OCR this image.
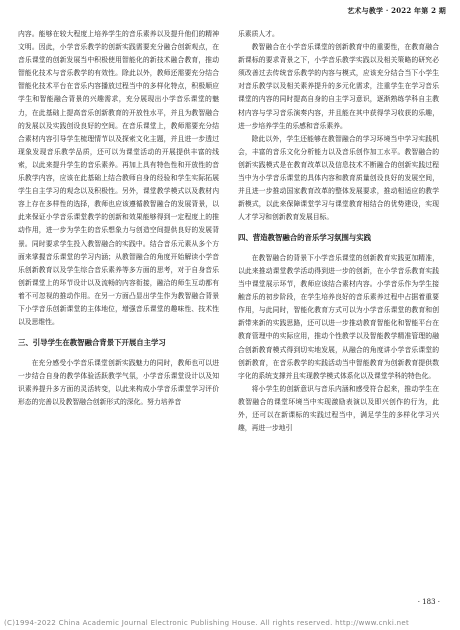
艺术与教学 · 2022 年第 2 期

内容。能够在较大程度上培养学生的音乐素养以及提升他们的精神文明。因此，小学音乐教学的创新实践需要充分融合创新观点，在音乐课堂的创新发展当中积极使用智能化的新技术融合教育，推动智能化技术与音乐教学的有效性。除此以外，教师还需要充分结合智能化技术平台在音乐内容播放过程当中的多样化特点，积极顺应学生和智能融合背景的兴趣需求，充分展现出小学音乐课堂的魅力，在此基础上提高音乐创新教育的开放性水平，并且为教智融合的发展以及实践创设良好的空间。在音乐课堂上，教师需要充分结合素材内容引导学生梳理情节以及探索文化主题，并且进一步透过现象发现音乐教学品质，还可以为课堂活动的开展提供丰富的线索，以此来提升学生的音乐素养。再加上具有特色性和开放性的音乐教学内容，应该在此基础上结合教师自身的经验和学生实际拓展学生自主学习的观念以及积极性。另外，课堂教学模式以及教材内容上存在多样性的选择，教师也应该遵循教智融合的发展背景，以此来保证小学音乐课堂教学的创新和效果能够得到一定程度上的推动作用，进一步为学生的音乐想象力与创造空间提供良好的发展背景。同时要求学生投入教智融合的实践中。结合音乐元素从多个方面来掌握音乐课堂的学习内涵；从教智融合的角度开始解读小学音乐创新教育以及学生综合音乐素养等多方面的思考，对于自身音乐创新课堂上的环节设计以及流畅的内容衔接，融洽的师生互动都有着不可忽视的推动作用。在另一方面凸显出学生作为教智融合背景下小学音乐创新课堂的主体地位，增强音乐课堂的趣味性、技术性以及思维性。

三、引导学生在教智融合背景下开展自主学习

在充分感受小学音乐课堂创新实践魅力的同时，教师也可以进一步结合自身的教学体验活跃教学气氛，小学音乐课堂设计以及知识素养提升多方面的灵活转变，以此来构成小学音乐课堂学习评价形态的完善以及教智融合创新形式的深化。努力培养音

乐素质人才。

教智融合在小学音乐课堂的创新教育中的重要性，在教育融合新课标的要求背景之下，小学音乐教学实践以及相关策略的研究必须改善过去传统音乐教学的内容与模式，应该充分结合当下小学生对音乐教学以及相关素养提升的多元化需求，注重学生在学习音乐课堂的内容的同时提高自身的自主学习意识，逐渐熟练学科自主教材内容与学习音乐演奏内容，并且能在其中获得学习收获的乐趣，进一步培养学生的乐感和音乐素养。

除此以外，学生还能够在教智融合的学习环境当中学习实践机会，丰富的音乐文化分析能力以及音乐创作加工水平。教智融合的创新实践模式是在教育改革以及信息技术不断融合的创新实践过程当中为小学音乐课堂的具体内容和教育质量创设良好的发展空间，并且进一步推动国家教育改革的整体发展要求，推动相适应的教学新模式，以此来保障课堂学习与课堂教育相结合的优势建设，实现人才学习和创新教育发展目标。

四、营造教智融合的音乐学习氛围与实践

在教智融合的背景下小学音乐课堂的创新教育实践更加精准，以此来推动课堂教学活动得到进一步的创新，在小学音乐教育实践当中课堂展示环节，教师应该结合素材内容。小学音乐作为学生接触音乐的初步阶段，在学生培养良好的音乐素养过程中占据着重要作用，与此同时，智能化教育方式可以为小学音乐课堂的教育和创新带来新的实践思路，还可以进一步推动教育智能化和智能平台在教育管理中的实际应用，推动个性教学以及智能教学精准管理的融合创新教育模式得到切实地发展，从融合的角度讲小学音乐课堂的创新教育，在音乐教学的实践活动当中智能教育为创新教育提供数字化的系统支撑并且实现教学模式体系化以及课堂学科的特色化。

将小学生的创新意识与音乐内涵和感受符合起来，推动学生在教智融合的课堂环境当中实现激励表演以及即兴创作的行为，此外，还可以在新课标的实践过程当中，满足学生的多样化学习兴趣，再进一步地引

· 183 ·
(C)1994-2022 China Academic Journal Electronic Publishing House. All rights reserved. http://www.cnki.net
